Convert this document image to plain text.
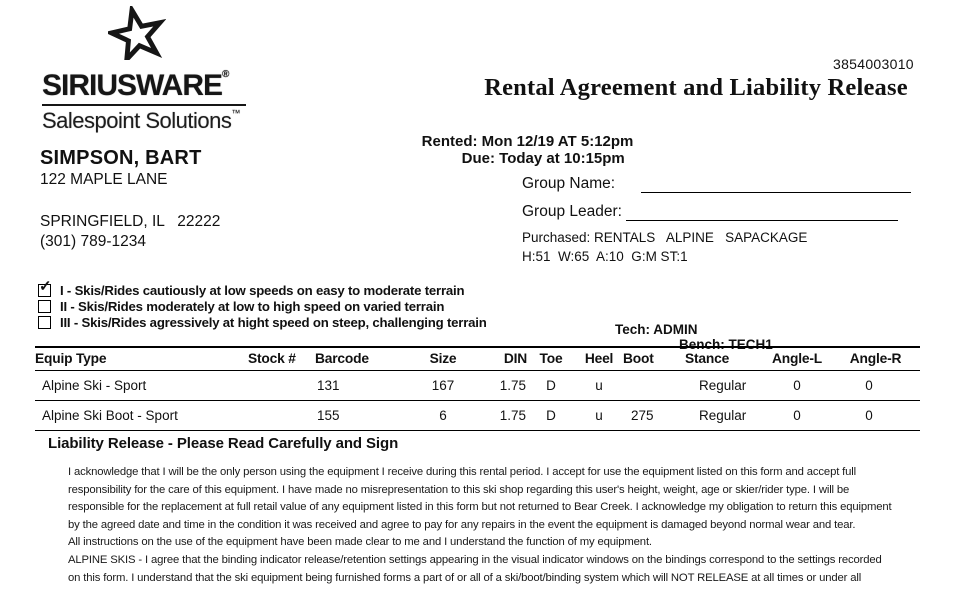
SIRIUSWARE®
Salespoint Solutions™
3854003010
Rental Agreement and Liability Release

Rented: Mon 12/19 AT 5:12pm
Due: Today at 10:15pm

SIMPSON, BART
122 MAPLE LANE
SPRINGFIELD, IL   22222
(301) 789-1234
Group Name:
Group Leader:
Purchased: RENTALS   ALPINE   SAPACKAGE
H:51  W:65  A:10  G:M ST:1
✓ I - Skis/Rides cautiously at low speeds on easy to moderate terrain
II - Skis/Rides moderately at low to high speed on varied terrain
III - Skis/Rides agressively at hight speed on steep, challenging terrain	Tech: ADMIN
Bench: TECH1

Equip Type	Stock #	Barcode	Size	DIN	Toe	Heel	Boot	Stance	Angle-L	Angle-R
Alpine Ski - Sport		131	167	1.75	D	u		Regular	0	0
Alpine Ski Boot - Sport		155	6	1.75	D	u	275	Regular	0	0
Liability Release - Please Read Carefully and Sign
I acknowledge that I will be the only person using the equipment I receive during this rental period. I accept for use the equipment listed on this form and accept full
responsibility for the care of this equipment. I have made no misrepresentation to this ski shop regarding this user's height, weight, age or skier/rider type. I will be
responsible for the replacement at full retail value of any equipment listed in this form but not returned to Bear Creek. I acknowledge my obligation to return this equipment
by the agreed date and time in the condition it was received and agree to pay for any repairs in the event the equipment is damaged beyond normal wear and tear.
All instructions on the use of the equipment have been made clear to me and I understand the function of my equipment.
ALPINE SKIS - I agree that the binding indicator release/retention settings appearing in the visual indicator windows on the bindings correspond to the settings recorded
on this form. I understand that the ski equipment being furnished forms a part of or all of a ski/boot/binding system which will NOT RELEASE at all times or under all
